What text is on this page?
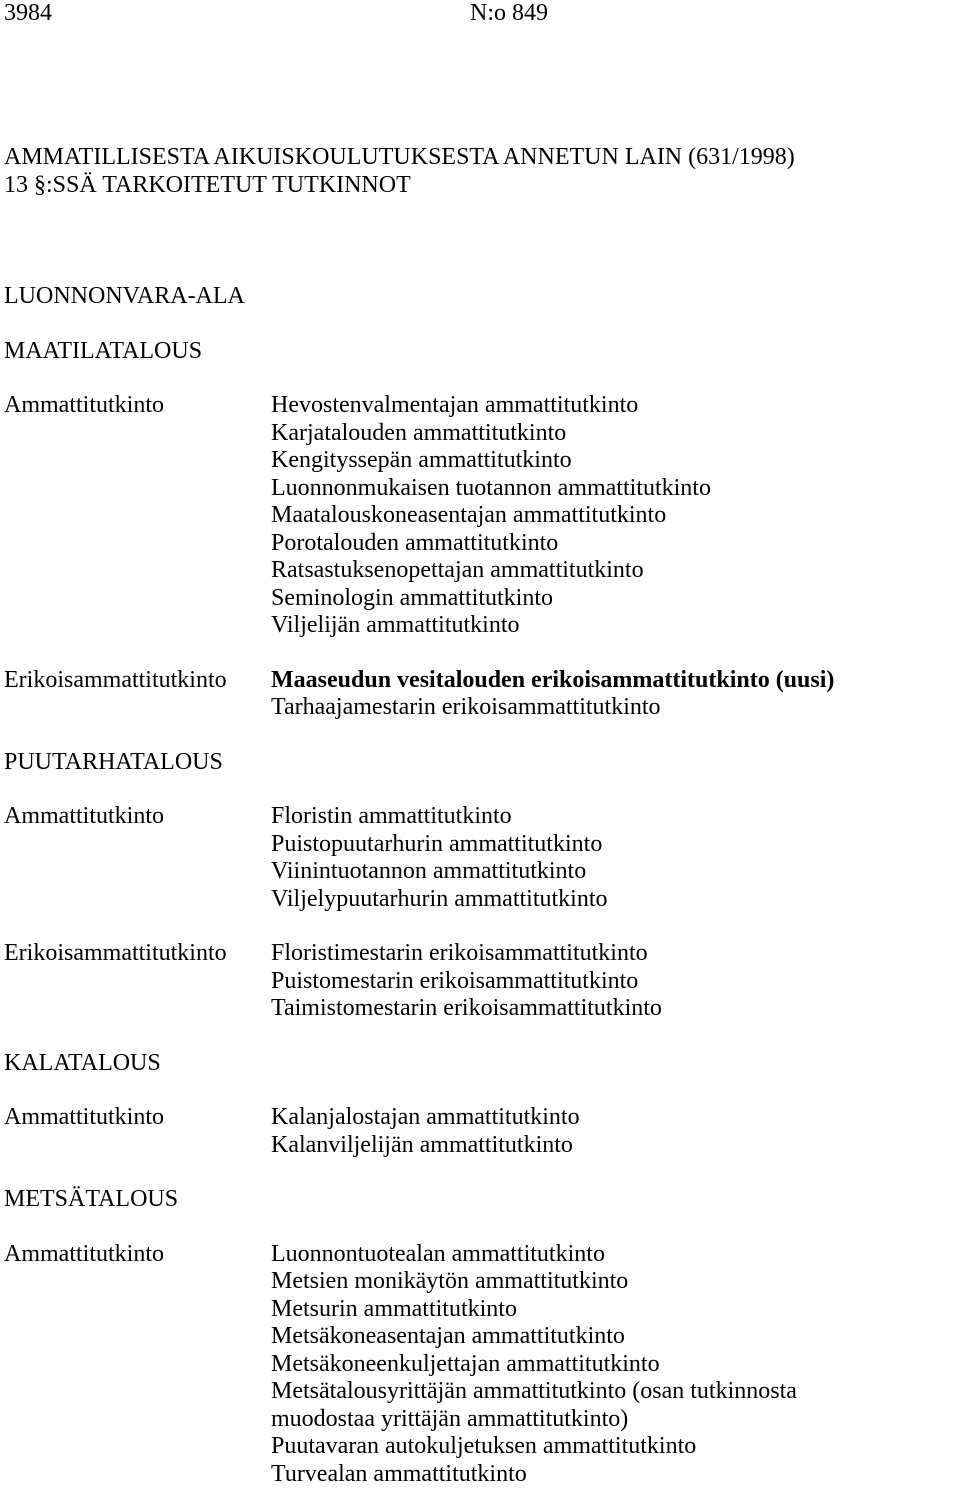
3984	N:o 849
AMMATILLISESTA AIKUISKOULUTUKSESTA ANNETUN LAIN (631/1998)
13 §:SSÄ TARKOITETUT TUTKINNOT
LUONNONVARA-ALA
MAATILATALOUS
Ammattitutkinto	Hevostenvalmentajan ammattitutkinto
Karjatalouden ammattitutkinto
Kengityssepän ammattitutkinto
Luonnonmukaisen tuotannon ammattitutkinto
Maatalouskoneasentajan ammattitutkinto
Porotalouden ammattitutkinto
Ratsastuksenopettajan ammattitutkinto
Seminologin ammattitutkinto
Viljelijän ammattitutkinto
Erikoisammattitutkinto	Maaseudun vesitalouden erikoisammattitutkinto (uusi)
Tarhaajamestarin erikoisammattitutkinto
PUUTARHATALOUS
Ammattitutkinto	Floristin ammattitutkinto
Puistopuutarhurin ammattitutkinto
Viinintuotannon ammattitutkinto
Viljelypuutarhurin ammattitutkinto
Erikoisammattitutkinto	Floristimestarin erikoisammattitutkinto
Puistomestarin erikoisammattitutkinto
Taimistomestarin erikoisammattitutkinto
KALATALOUS
Ammattitutkinto	Kalanjalostajan ammattitutkinto
Kalanviljelijän ammattitutkinto
METSÄTALOUS
Ammattitutkinto	Luonnontuotealan ammattitutkinto
Metsien monikäytön ammattitutkinto
Metsurin ammattitutkinto
Metsäkoneasentajan ammattitutkinto
Metsäkoneenkuljettajan ammattitutkinto
Metsätalousyrittäjän ammattitutkinto (osan tutkinnosta muodostaa yrittäjän ammattitutkinto)
Puutavaran autokuljetuksen ammattitutkinto
Turvealan ammattitutkinto
